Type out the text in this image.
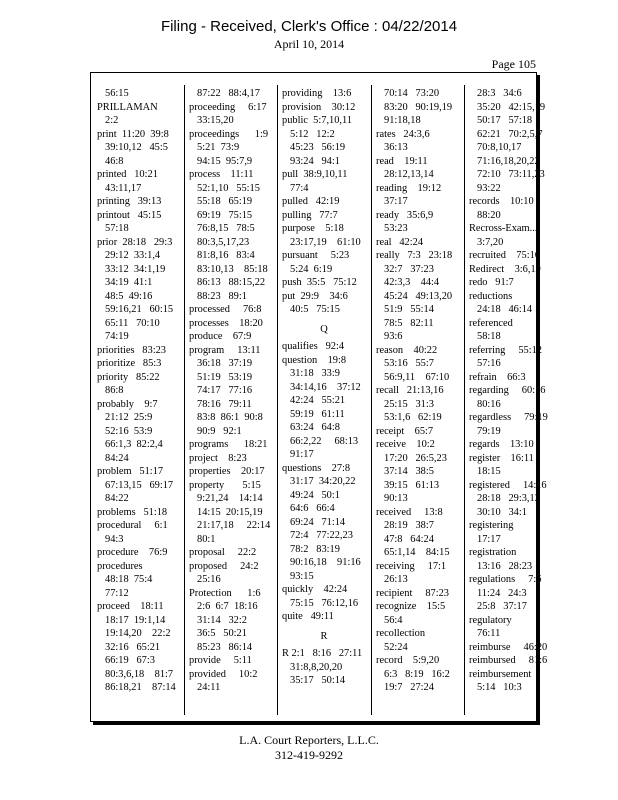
Filing - Received, Clerk's Office : 04/22/2014
April 10, 2014
Page 105
56:15
PRILLAMAN
2:2
print  11:20  39:8
39:10,12   45:5
46:8
printed   10:21
43:11,17
printing   39:13
printout   45:15
57:18
prior  28:18   29:3
29:12  33:1,4
33:12  34:1,19
34:19  41:1
48:5  49:16
59:16,21   60:15
65:11   70:10
74:19
priorities   83:23
prioritize   85:3
priority   85:22
86:8
probably    9:7
21:12  25:9
52:16  53:9
66:1,3  82:2,4
84:24
problem   51:17
67:13,15   69:17
84:22
problems   51:18
procedural     6:1
94:3
procedure    76:9
procedures
48:18  75:4
77:12
proceed    18:11
18:17  19:1,14
19:14,20    22:2
32:16   65:21
66:19   67:3
80:3,6,18    81:7
86:18,21    87:14
87:22   88:4,17
proceeding     6:17
33:15,20
proceedings      1:9
5:21  73:9
94:15  95:7,9
process    11:11
52:1,10   55:15
55:18   65:19
69:19   75:15
76:8,15   78:5
80:3,5,17,23
81:8,16   83:4
83:10,13    85:18
86:13   88:15,22
88:23   89:1
processed     76:8
processes    18:20
produce    67:9
program     13:11
36:18   37:19
51:19   53:19
74:17   77:16
78:16   79:11
83:8  86:1  90:8
90:9   92:1
programs      18:21
project    8:23
properties    20:17
property       5:15
9:21,24    14:14
14:15  20:15,19
21:17,18     22:14
80:1
proposal     22:2
proposed     24:2
25:16
Protection      1:6
2:6  6:7  18:16
31:14   32:2
36:5   50:21
85:23   86:14
provide     5:11
provided     10:2
24:11
providing    13:6
provision    30:12
public  5:7,10,11
5:12   12:2
45:23   56:19
93:24   94:1
pull  38:9,10,11
77:4
pulled   42:19
pulling   77:7
purpose    5:18
23:17,19    61:10
pursuant     5:23
5:24  6:19
push  35:5   75:12
put  29:9    34:6
40:5   75:15
Q
qualifies   92:4
question    19:8
31:18   33:9
34:14,16    37:12
42:24   55:21
59:19   61:11
63:24   64:8
66:2,22     68:13
91:17
questions    27:8
31:17  34:20,22
49:24   50:1
64:6   66:4
69:24   71:14
72:4   77:22,23
78:2   83:19
90:16,18    91:16
93:15
quickly    42:24
75:15   76:12,16
quite   49:11
R
R 2:1   8:16   27:11
31:8,8,20,20
35:17   50:14
70:14   73:20
83:20   90:19,19
91:18,18
rates   24:3,6
36:13
read    19:11
28:12,13,14
reading    19:12
37:17
ready   35:6,9
53:23
real   42:24
really   7:3   23:18
32:7   37:23
42:3,3    44:4
45:24   49:13,20
51:9   55:14
78:5   82:11
93:6
reason    40:22
53:16   55:7
56:9,11    67:10
recall   21:13,16
25:15   31:3
53:1,6   62:19
receipt    65:7
receive    10:2
17:20   26:5,23
37:14   38:5
39:15   61:13
90:13
received     13:8
28:19   38:7
47:8   64:24
65:1,14    84:15
receiving     17:1
26:13
recipient     87:23
recognize    15:5
56:4
recollection
52:24
record    5:9,20
6:3   8:19   16:2
19:7   27:24
28:3   34:6
35:20   42:15,19
50:17   57:18
62:21   70:2,5,7
70:8,10,17
71:16,18,20,22
72:10   73:11,23
93:22
records    10:10
88:20
Recross-Exam...
3:7,20
recruited    75:16
Redirect    3:6,19
redo   91:7
reductions
24:18   46:14
referenced
58:18
referring     55:12
57:16
refrain    66:3
regarding     60:16
80:16
regardless     79:19
79:19
regards    13:10
register    16:11
18:15
registered     14:16
28:18   29:3,12
30:10   34:1
registering
17:17
registration
13:16   28:23
regulations     7:6
11:24   24:3
25:8   37:17
regulatory
76:11
reimburse     46:20
reimbursed     81:6
reimbursement
5:14   10:3
L.A. Court Reporters, L.L.C.
312-419-9292
